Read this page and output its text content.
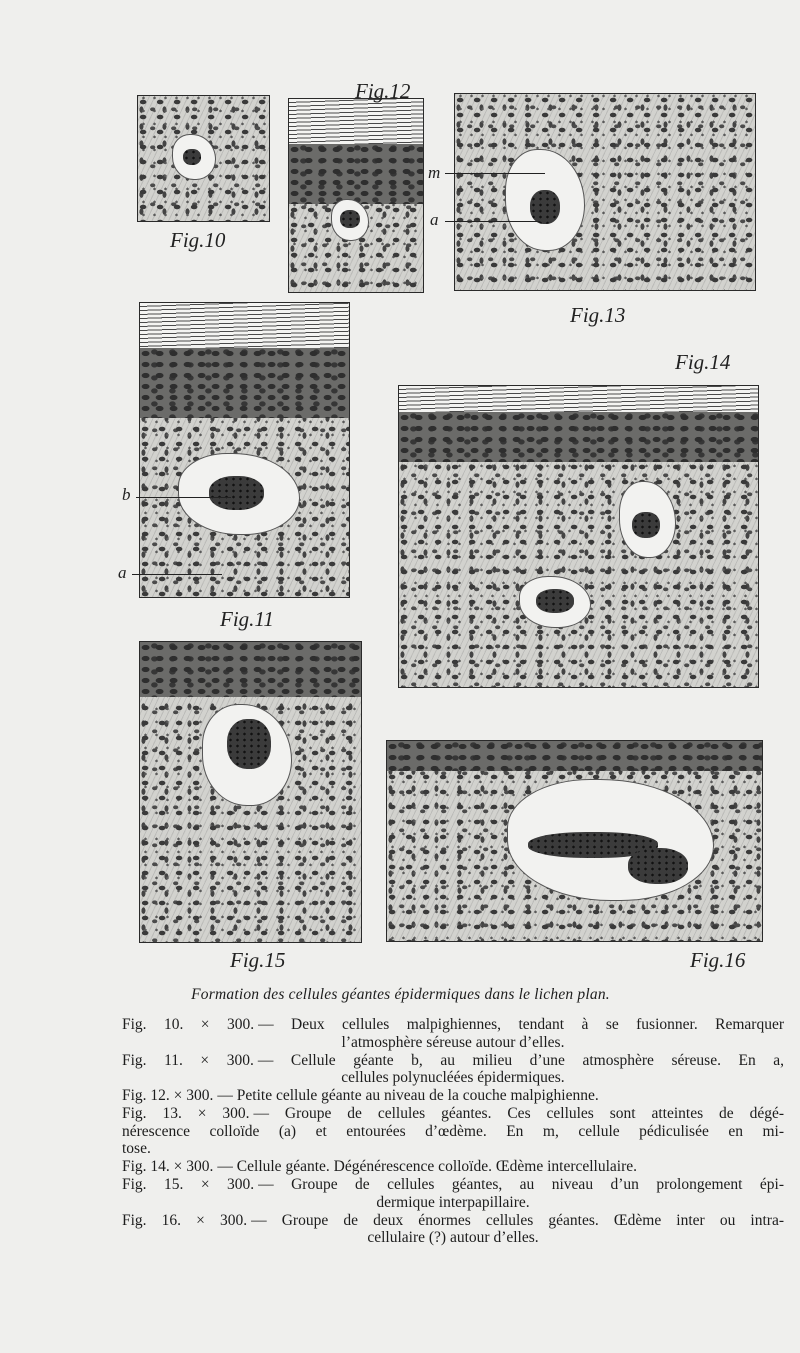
Fig.10
Fig.12
m
a
Fig.13
b
a
Fig.11
Fig.14
Fig.15	Fig.16
Formation des cellules géantes épidermiques dans le lichen plan.
Fig. 10. × 300. — Deux cellules malpighiennes, tendant à se fusionner. Remarquer
l’atmosphère séreuse autour d’elles.
Fig. 11. × 300. — Cellule géante b, au milieu d’une atmosphère séreuse. En a,
cellules polynucléées épidermiques.
Fig. 12. × 300. — Petite cellule géante au niveau de la couche malpighienne.
Fig. 13. × 300. — Groupe de cellules géantes. Ces cellules sont atteintes de dégé-
nérescence colloïde (a) et entourées d’œdème. En m, cellule pédiculisée en mi-
tose.
Fig. 14. × 300. — Cellule géante. Dégénérescence colloïde. Œdème intercellulaire.
Fig. 15. × 300. — Groupe de cellules géantes, au niveau d’un prolongement épi-
dermique interpapillaire.
Fig. 16. × 300. — Groupe de deux énormes cellules géantes. Œdème inter ou intra-
cellulaire (?) autour d’elles.
